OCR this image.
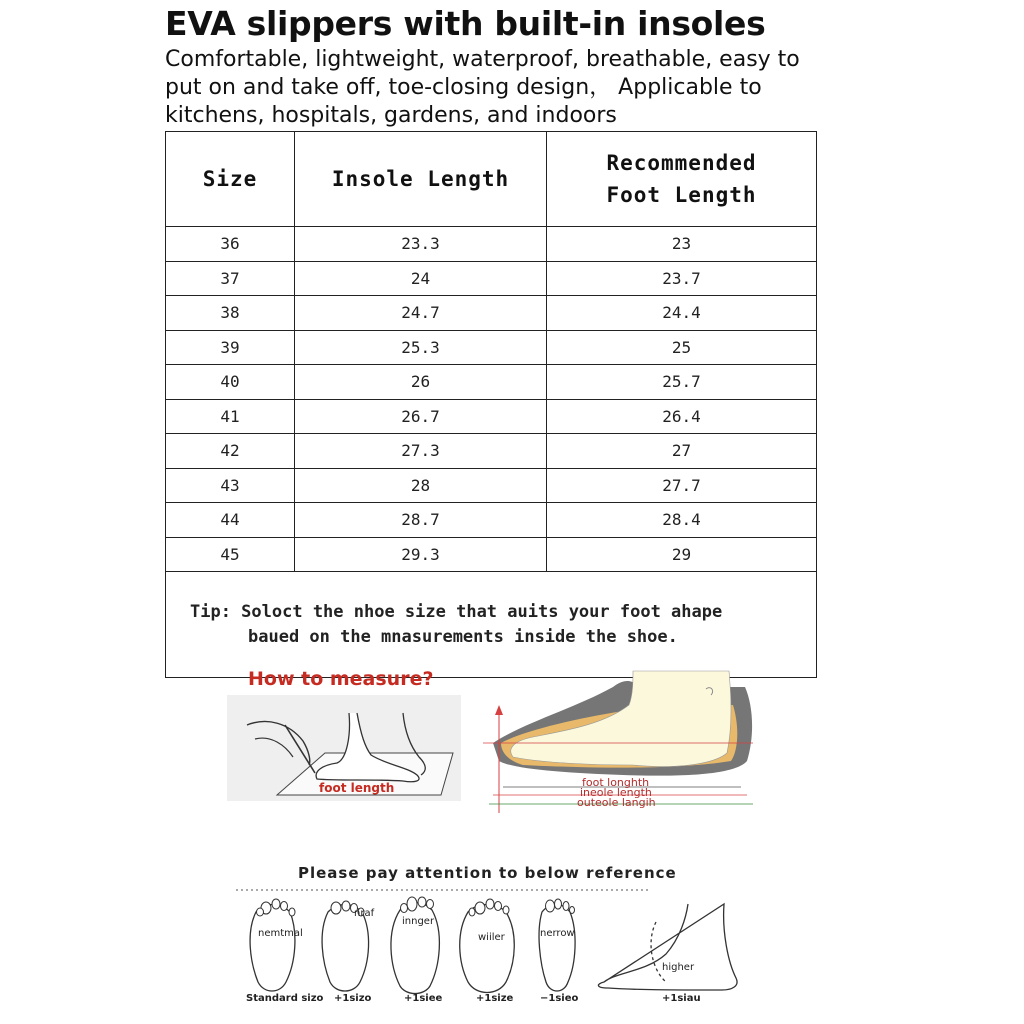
EVA slippers with built-in insoles
Comfortable, lightweight, waterproof, breathable, easy to put on and take off, toe-closing design， Applicable to kitchens, hospitals, gardens, and indoors
Size	Insole Length	Recommended Foot Length
36	23.3	23
37	24	23.7
38	24.7	24.4
39	25.3	25
40	26	25.7
41	26.7	26.4
42	27.3	27
43	28	27.7
44	28.7	28.4
45	29.3	29
Tip: Soloct the nhoe size that auits your foot ahape
baued on the mnasurements inside the shoe.		
How to measure?
foot length	foot longhth
ineole length
outeole langih
Please pay attention to below reference
nemtmal
nraf
innger
wiiler	nerrow
higher
Standard sizo +1sizo	+1siee	+1size	−1sieo	+1siau
